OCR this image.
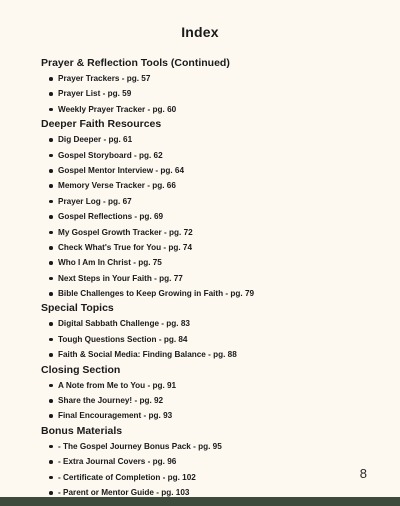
Index
Prayer & Reflection Tools (Continued)
Prayer Trackers - pg. 57
Prayer List - pg. 59
Weekly Prayer Tracker - pg. 60
Deeper Faith Resources
Dig Deeper - pg. 61
Gospel Storyboard - pg. 62
Gospel Mentor Interview - pg. 64
Memory Verse Tracker - pg. 66
Prayer Log - pg. 67
Gospel Reflections - pg. 69
My Gospel Growth Tracker - pg. 72
Check What's True for You - pg. 74
Who I Am In Christ - pg. 75
Next Steps in Your Faith - pg. 77
Bible Challenges to Keep Growing in Faith - pg. 79
Special Topics
Digital Sabbath Challenge - pg. 83
Tough Questions Section - pg. 84
Faith & Social Media: Finding Balance - pg. 88
Closing Section
A Note from Me to You - pg. 91
Share the Journey! - pg. 92
Final Encouragement - pg. 93
Bonus Materials
- The Gospel Journey Bonus Pack - pg. 95
- Extra Journal Covers - pg. 96
- Certificate of Completion - pg. 102
- Parent or Mentor Guide - pg. 103
8
